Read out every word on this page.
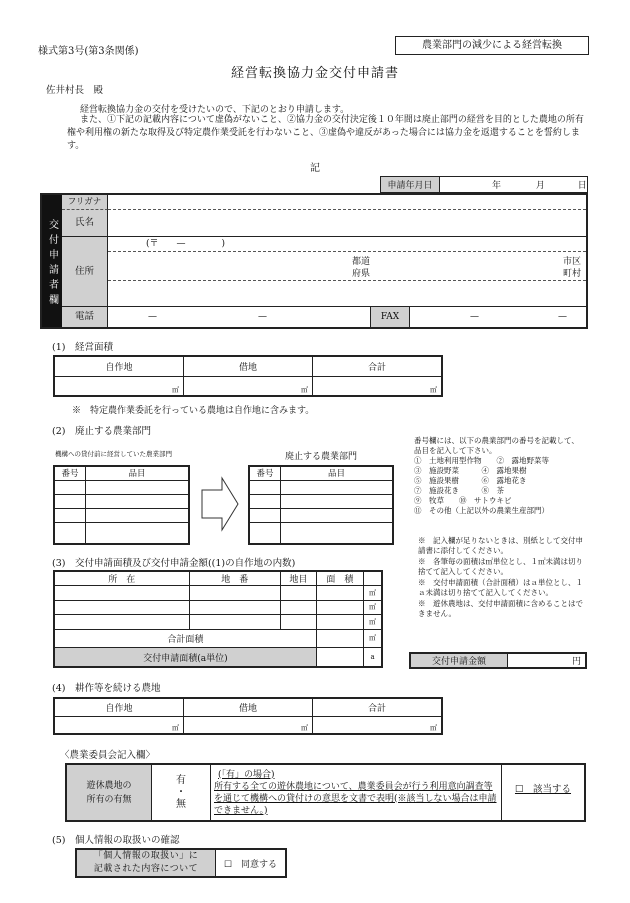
様式第3号(第3条関係)
農業部門の減少による経営転換
経営転換協力金交付申請書
佐井村長　殿
経営転換協力金の交付を受けたいので、下記のとおり申請します。
また、①下記の記載内容について虚偽がないこと、②協力金の交付決定後１０年間は廃止部門の経営を目的とした農地の所有権や利用権の新たな取得及び特定農作業受託を行わないこと、③虚偽や違反があった場合には協力金を返還することを誓約します。
記
申請年月日	年	月	日
交付申請者欄
フリガナ
氏名
住所
(〒　　—　　　　)
都道
府県
市区
町村
電話	—	—	FAX	—	—
(1)　経営面積
自作地	借地	合計
㎡	㎡	㎡
※　特定農作業委託を行っている農地は自作地に含みます。
(2)　廃止する農業部門
機構への貸付前に経営していた農業部門	廃止する農業部門
番号	品目

		番号	品目

番号欄には、以下の農業部門の番号を記載して、品目を記入して下さい。
①　土地利用型作物　　②　露地野菜等
③　施設野菜　　　④　露地果樹
⑤　施設果樹　　　⑥　露地花き
⑦　施設花き　　　⑧　茶
⑨　牧草　　⑩　サトウキビ
⑪　その他（上記以外の農業生産部門）
(3)　交付申請面積及び交付申請金額((1)の自作地の内数)
所　在	地　番	地目	面　積	
				㎡
				㎡
				㎡
合計面積				㎡
交付申請面積(a単位)				a
※　記入欄が足りないときは、別紙として交付申請書に添付してください。
※　各筆毎の面積は㎡単位とし、１㎡未満は切り捨てて記入してください。
※　交付申請面積（合計面積）はａ単位とし、１ａ未満は切り捨てて記入してください。
※　遊休農地は、交付申請面積に含めることはできません。
交付申請金額	円
(4)　耕作等を続ける農地
自作地	借地	合計
㎡	㎡	㎡
〈農業委員会記入欄〉
遊休農地の
所有の有無

有
・
無

(「有」の場合)
所有する全ての遊休農地について、農業委員会が行う利用意向調査等を通じて機構への貸付けの意思を文書で表明(※該当しない場合は申請できません。)
	☐　該当する
(5)　個人情報の取扱いの確認
「個人情報の取扱い」に
記載された内容について	☐　同意する
